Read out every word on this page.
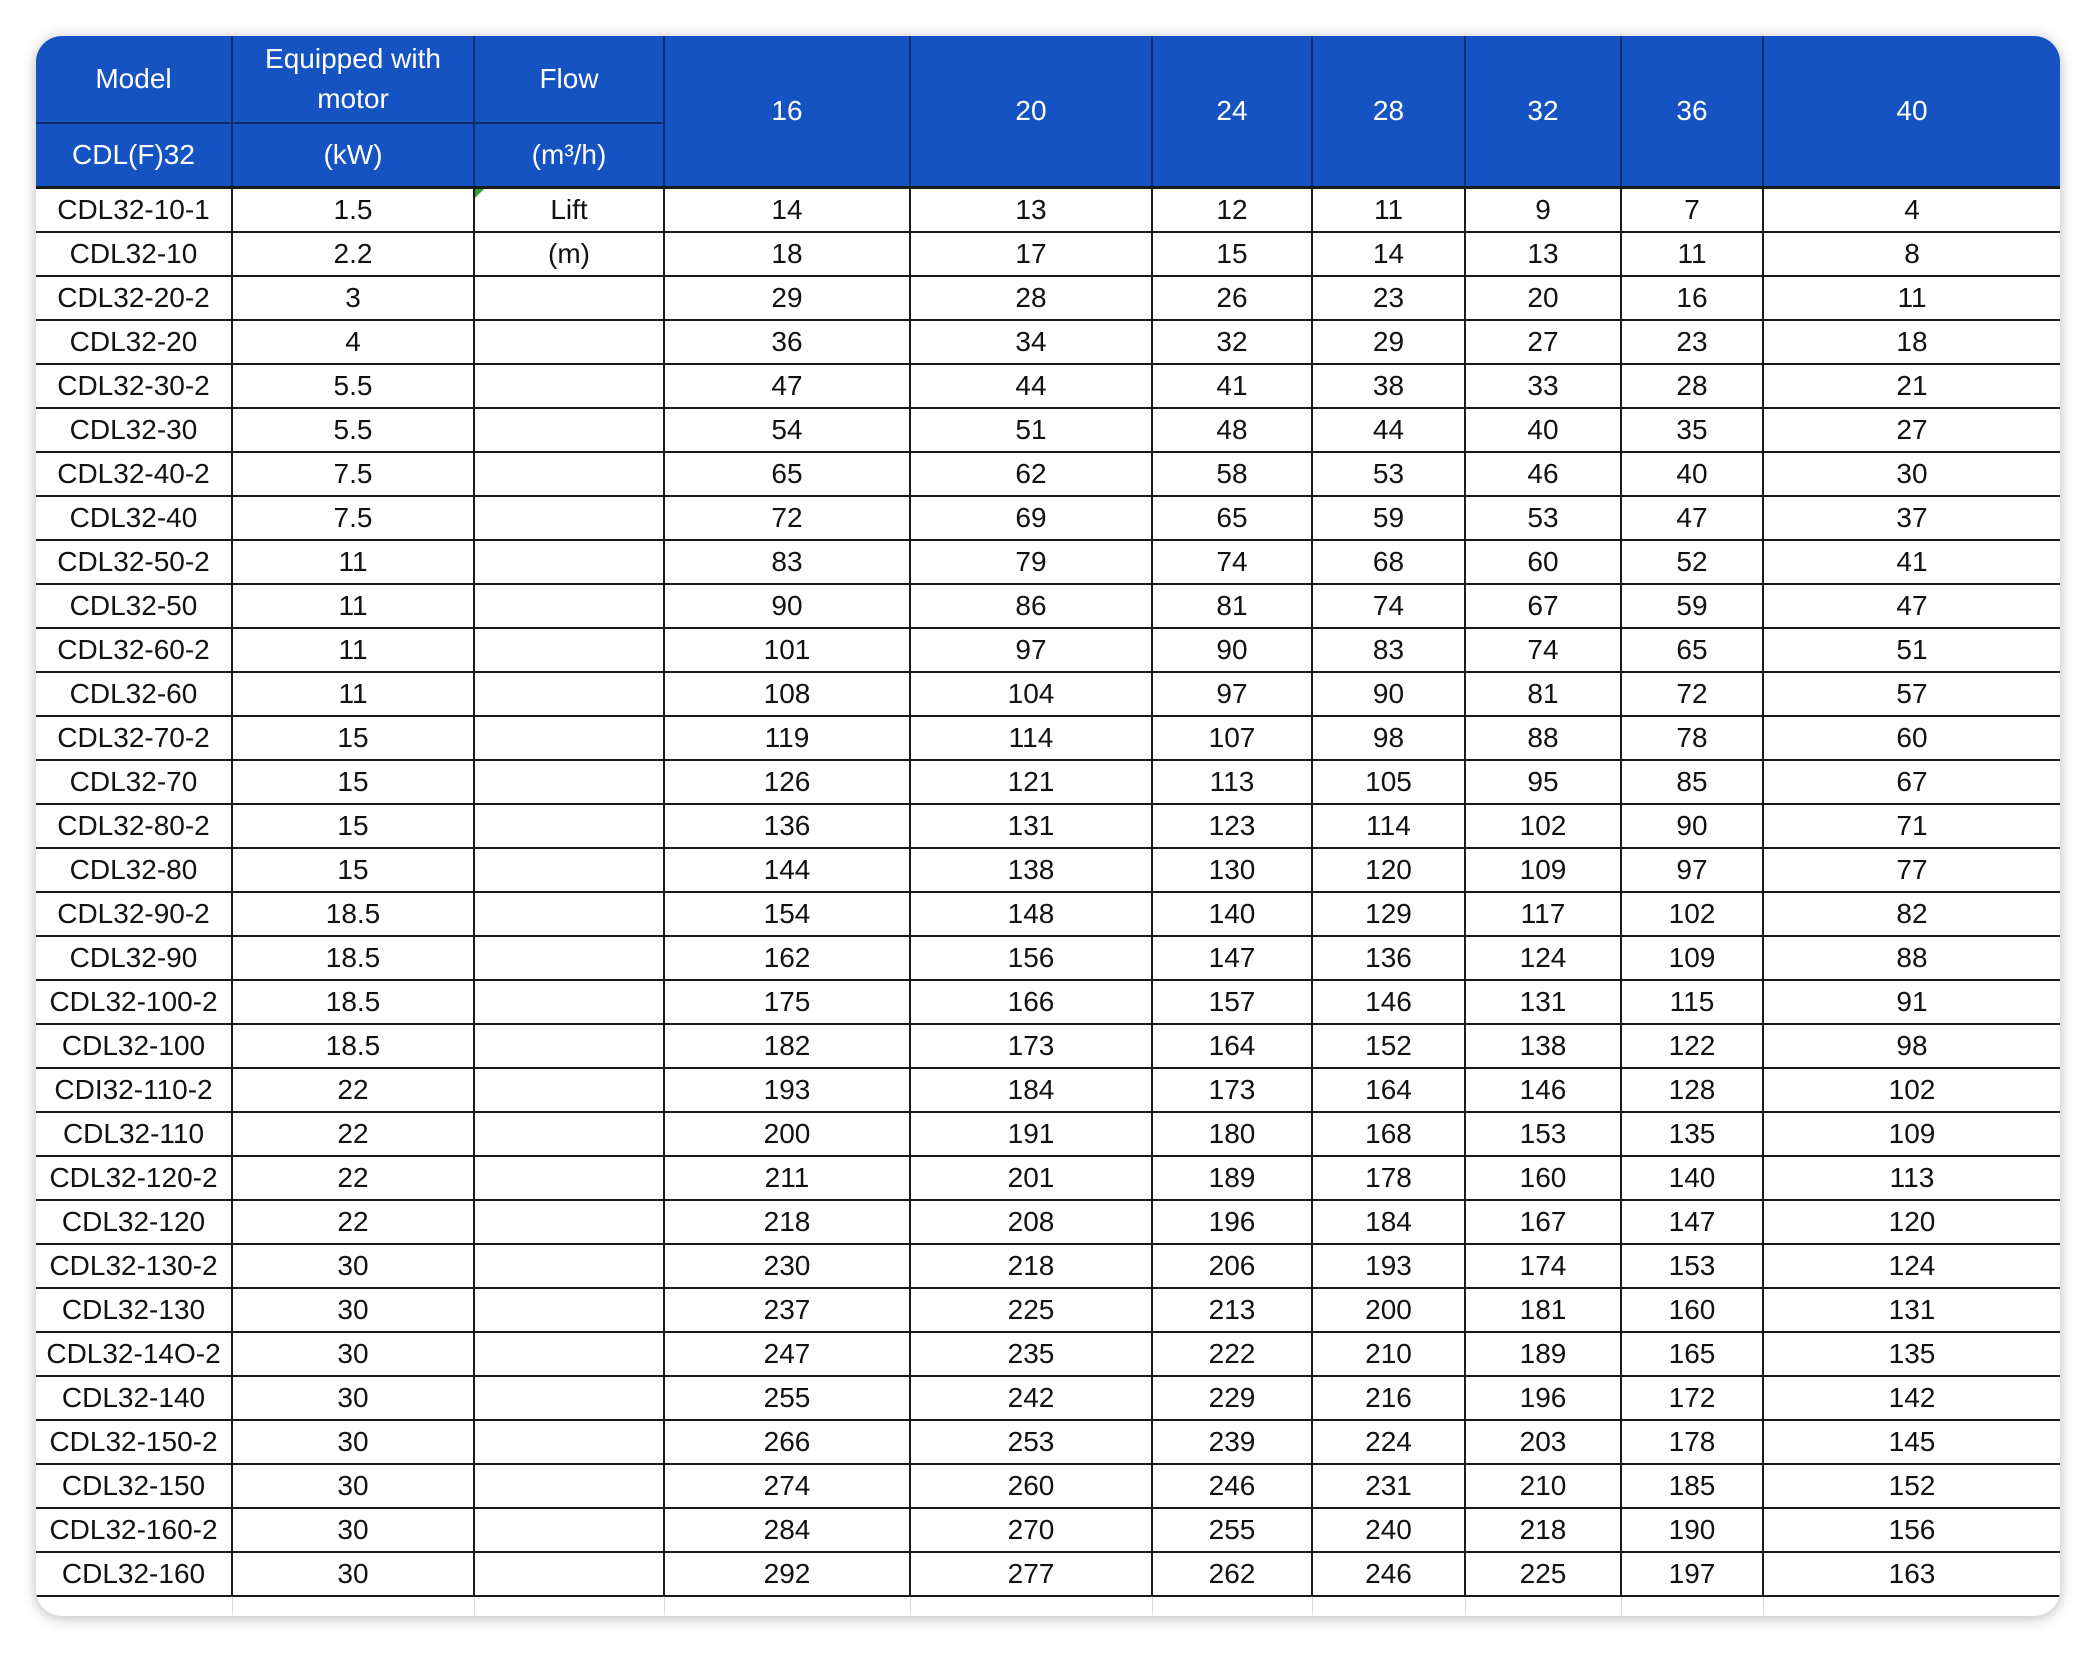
Model	Equipped with motor	Flow	16	20	24	28	32	36	40
CDL(F)32	(kW)	(m³/h)							
CDL32-10-1	1.5	Lift	14	13	12	11	9	7	4
CDL32-10	2.2	(m)	18	17	15	14	13	11	8
CDL32-20-2	3		29	28	26	23	20	16	11
CDL32-20	4		36	34	32	29	27	23	18
CDL32-30-2	5.5		47	44	41	38	33	28	21
CDL32-30	5.5		54	51	48	44	40	35	27
CDL32-40-2	7.5		65	62	58	53	46	40	30
CDL32-40	7.5		72	69	65	59	53	47	37
CDL32-50-2	11		83	79	74	68	60	52	41
CDL32-50	11		90	86	81	74	67	59	47
CDL32-60-2	11		101	97	90	83	74	65	51
CDL32-60	11		108	104	97	90	81	72	57
CDL32-70-2	15		119	114	107	98	88	78	60
CDL32-70	15		126	121	113	105	95	85	67
CDL32-80-2	15		136	131	123	114	102	90	71
CDL32-80	15		144	138	130	120	109	97	77
CDL32-90-2	18.5		154	148	140	129	117	102	82
CDL32-90	18.5		162	156	147	136	124	109	88
CDL32-100-2	18.5		175	166	157	146	131	115	91
CDL32-100	18.5		182	173	164	152	138	122	98
CDI32-110-2	22		193	184	173	164	146	128	102
CDL32-110	22		200	191	180	168	153	135	109
CDL32-120-2	22		211	201	189	178	160	140	113
CDL32-120	22		218	208	196	184	167	147	120
CDL32-130-2	30		230	218	206	193	174	153	124
CDL32-130	30		237	225	213	200	181	160	131
CDL32-14O-2	30		247	235	222	210	189	165	135
CDL32-140	30		255	242	229	216	196	172	142
CDL32-150-2	30		266	253	239	224	203	178	145
CDL32-150	30		274	260	246	231	210	185	152
CDL32-160-2	30		284	270	255	240	218	190	156
CDL32-160	30		292	277	262	246	225	197	163
